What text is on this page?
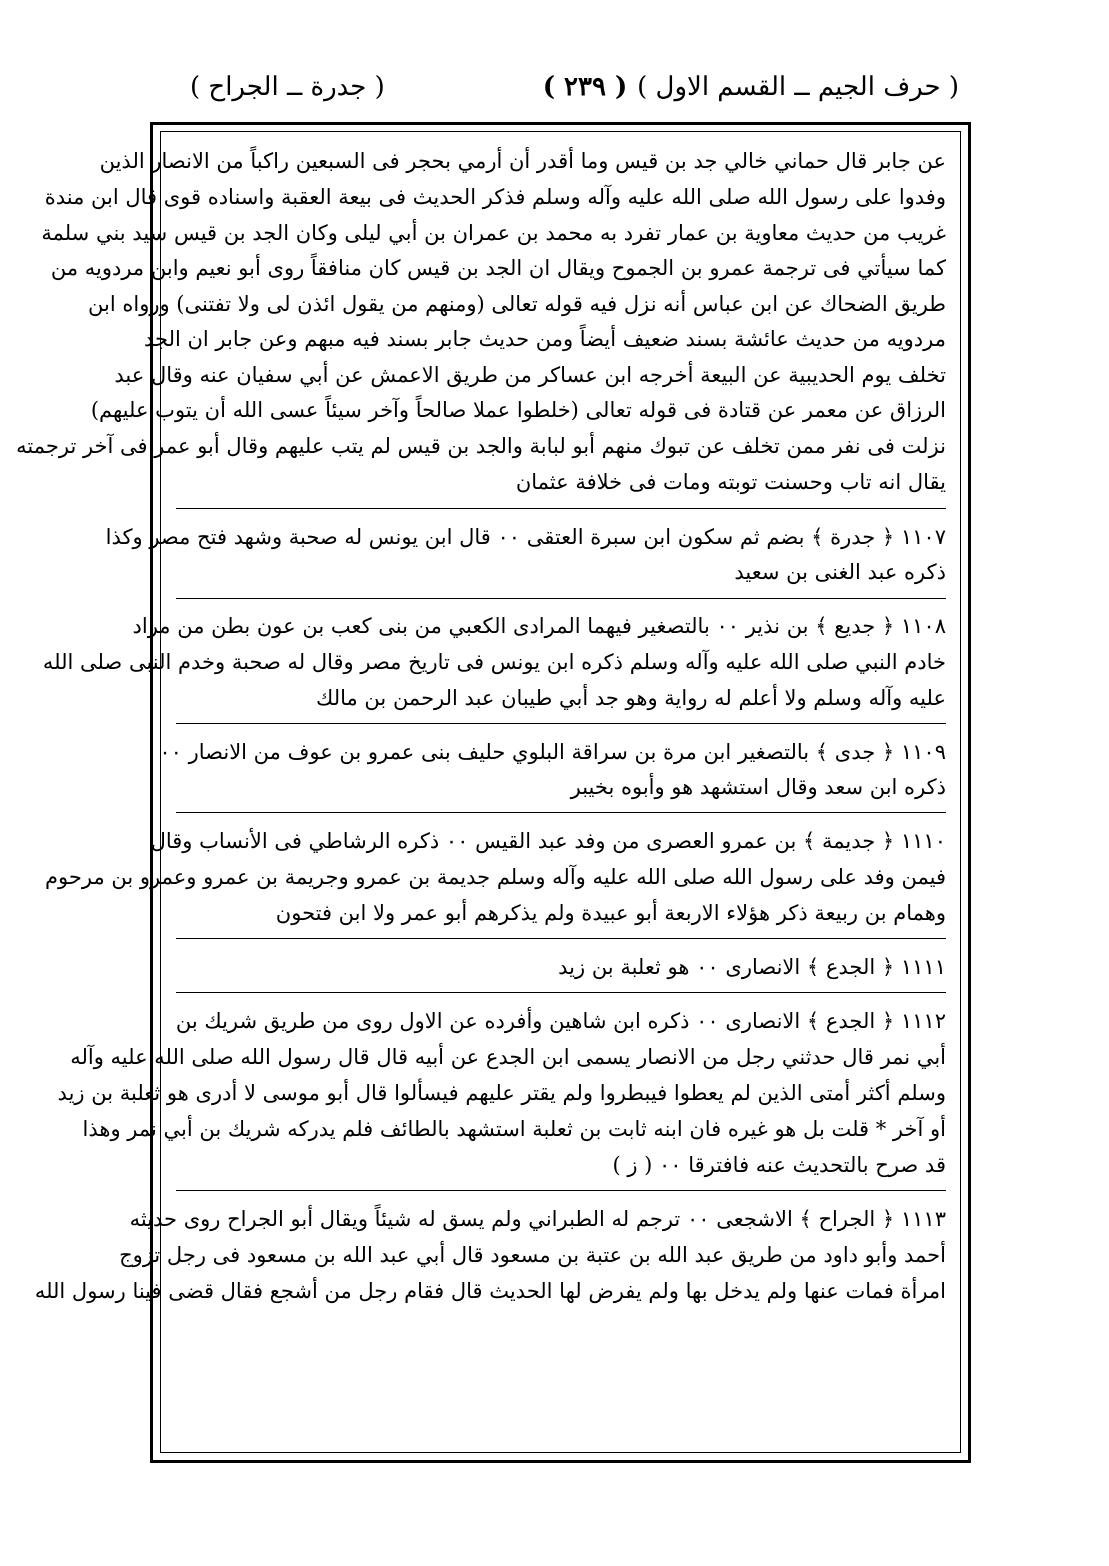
( حرف الجيم ــ القسم الاول )
( ٢٣٩ )
( جدرة ــ الجراح )
عن جابر قال حماني خالي جد بن قيس وما أقدر أن أرمي بحجر فى السبعين راكباً من الانصار الذين
وفدوا على رسول الله صلى الله عليه وآله وسلم فذكر الحديث فى بيعة العقبة واسناده قوى قال ابن مندة
غريب من حديث معاوية بن عمار تفرد به محمد بن عمران بن أبي ليلى وكان الجد بن قيس سيد بني سلمة
كما سيأتي فى ترجمة عمرو بن الجموح ويقال ان الجد بن قيس كان منافقاً روى أبو نعيم وابن مردويه من
طريق الضحاك عن ابن عباس أنه نزل فيه قوله تعالى (ومنهم من يقول ائذن لى ولا تفتنى) ورواه ابن
مردويه من حديث عائشة بسند ضعيف أيضاً ومن حديث جابر بسند فيه مبهم وعن جابر ان الجد
تخلف يوم الحديبية عن البيعة أخرجه ابن عساكر من طريق الاعمش عن أبي سفيان عنه وقال عبد
الرزاق عن معمر عن قتادة فى قوله تعالى (خلطوا عملا صالحاً وآخر سيئاً عسى الله أن يتوب عليهم)
نزلت فى نفر ممن تخلف عن تبوك منهم أبو لبابة والجد بن قيس لم يتب عليهم وقال أبو عمر فى آخر ترجمته
يقال انه تاب وحسنت توبته ومات فى خلافة عثمان
١١٠٧ ﴿ جدرة ﴾ بضم ثم سكون ابن سبرة العتقى ٠٠ قال ابن يونس له صحبة وشهد فتح مصر وكذا
ذكره عبد الغنى بن سعيد
١١٠٨ ﴿ جديع ﴾ بن نذير ٠٠ بالتصغير فيهما المرادى الكعبي من بنى كعب بن عون بطن من مراد
خادم النبي صلى الله عليه وآله وسلم ذكره ابن يونس فى تاريخ مصر وقال له صحبة وخدم النبى صلى الله
عليه وآله وسلم ولا أعلم له رواية وهو جد أبي طيبان عبد الرحمن بن مالك
١١٠٩ ﴿ جدى ﴾ بالتصغير ابن مرة بن سراقة البلوي حليف بنى عمرو بن عوف من الانصار ٠٠
ذكره ابن سعد وقال استشهد هو وأبوه بخيبر
١١١٠ ﴿ جديمة ﴾ بن عمرو العصرى من وفد عبد القيس ٠٠ ذكره الرشاطي فى الأنساب وقال
فيمن وفد على رسول الله صلى الله عليه وآله وسلم جديمة بن عمرو وجريمة بن عمرو وعمرو بن مرحوم
وهمام بن ربيعة ذكر هؤلاء الاربعة أبو عبيدة ولم يذكرهم أبو عمر ولا ابن فتحون
١١١١ ﴿ الجدع ﴾ الانصارى ٠٠ هو ثعلبة بن زيد
١١١٢ ﴿ الجدع ﴾ الانصارى ٠٠ ذكره ابن شاهين وأفرده عن الاول روى من طريق شريك بن
أبي نمر قال حدثني رجل من الانصار يسمى ابن الجدع عن أبيه قال قال رسول الله صلى الله عليه وآله
وسلم أكثر أمتى الذين لم يعطوا فيبطروا ولم يقتر عليهم فيسألوا قال أبو موسى لا أدرى هو ثعلبة بن زيد
أو آخر * قلت بل هو غيره فان ابنه ثابت بن ثعلبة استشهد بالطائف فلم يدركه شريك بن أبي نمر وهذا
قد صرح بالتحديث عنه فافترقا ٠٠ ( ز )
١١١٣ ﴿ الجراح ﴾ الاشجعى ٠٠ ترجم له الطبراني ولم يسق له شيئاً ويقال أبو الجراح روى حديثه
أحمد وأبو داود من طريق عبد الله بن عتبة بن مسعود قال أبي عبد الله بن مسعود فى رجل تزوج
امرأة فمات عنها ولم يدخل بها ولم يفرض لها الحديث قال فقام رجل من أشجع فقال قضى فينا رسول الله
